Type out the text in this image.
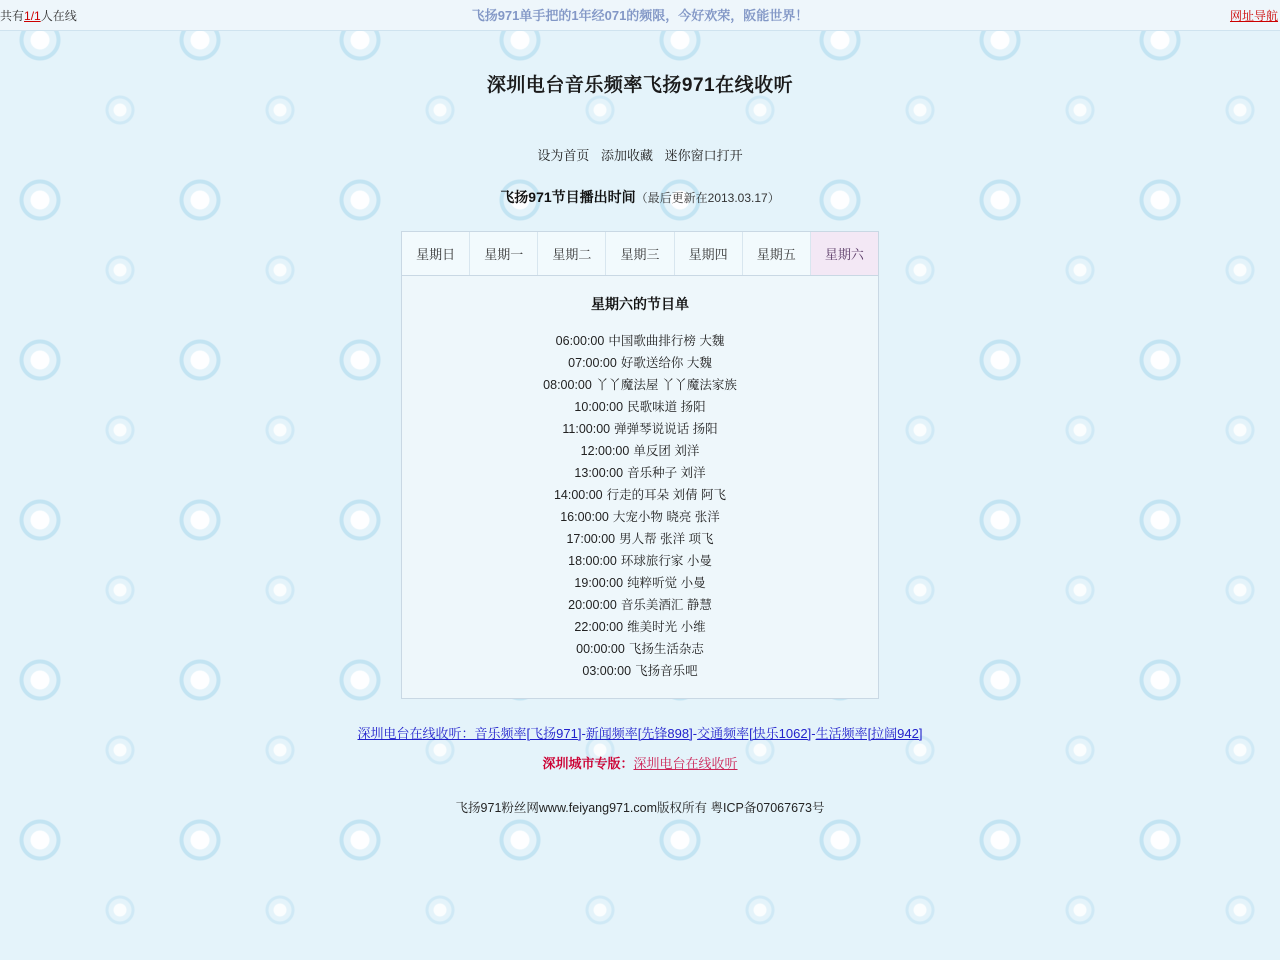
共有1/1人在线	飞扬971单手把的1年经071的频限，今好欢荣，阪能世界！	网址导航
深圳电台音乐频率飞扬971在线收听
设为首页 添加收藏 迷你窗口打开
飞扬971节目播出时间（最后更新在2013.03.17）
星期日	星期一	星期二	星期三	星期四	星期五	星期六
星期六的节目单
06:00:00 中国歌曲排行榜 大魏
07:00:00 好歌送给你 大魏
08:00:00 丫丫魔法屋 丫丫魔法家族
10:00:00 民歌味道 扬阳
11:00:00 弹弹琴说说话 扬阳
12:00:00 单反团 刘洋
13:00:00 音乐种子 刘洋
14:00:00 行走的耳朵 刘倩 阿飞
16:00:00 大宠小物 晓亮 张洋
17:00:00 男人帮 张洋 项飞
18:00:00 环球旅行家 小曼
19:00:00 纯粹听觉 小曼
20:00:00 音乐美酒汇 静慧
22:00:00 维美时光 小维
00:00:00 飞扬生活杂志
03:00:00 飞扬音乐吧
深圳电台在线收听：音乐频率[飞扬971]-新闻频率[先锋898]-交通频率[快乐1062]-生活频率[拉阔942]
深圳城市专版：深圳电台在线收听
飞扬971粉丝网www.feiyang971.com版权所有 粤ICP备07067673号
